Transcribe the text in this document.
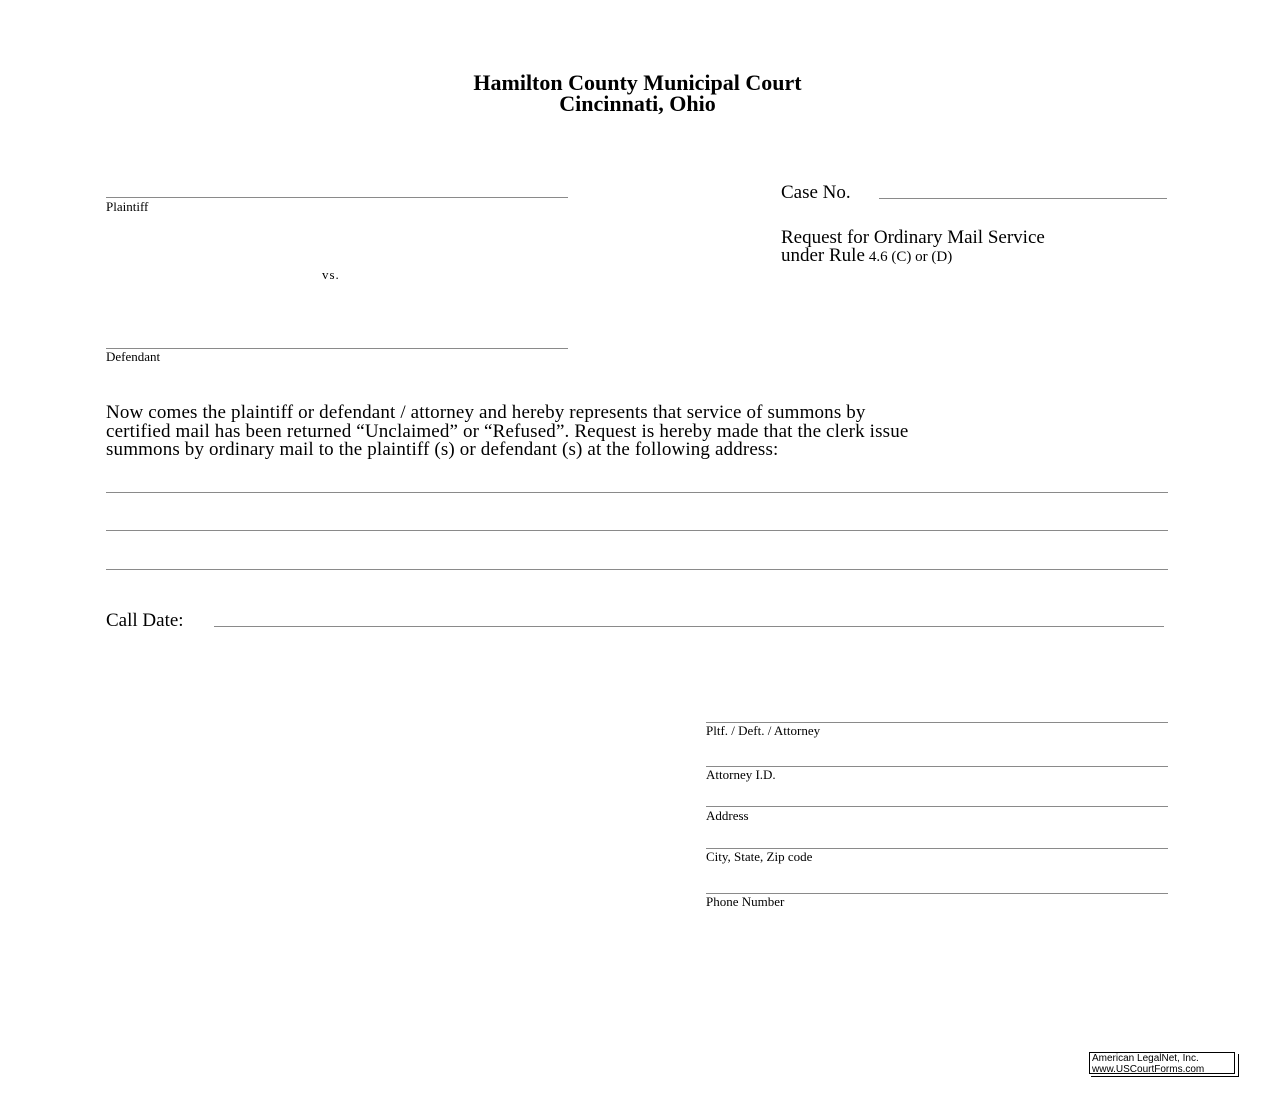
Hamilton County Municipal Court
Cincinnati, Ohio
Plaintiff
vs.
Defendant
Case No.
Request for Ordinary Mail Service
under Rule 4.6 (C) or (D)
Now comes the plaintiff or defendant / attorney and hereby represents that service of summons by
certified mail has been returned “Unclaimed” or “Refused”. Request is hereby made that the clerk issue
summons by ordinary mail to the plaintiff (s) or defendant (s) at the following address:
Call Date:
Pltf. / Deft. / Attorney
Attorney I.D.
Address
City, State, Zip code
Phone Number
American LegalNet, Inc.
www.USCourtForms.com
